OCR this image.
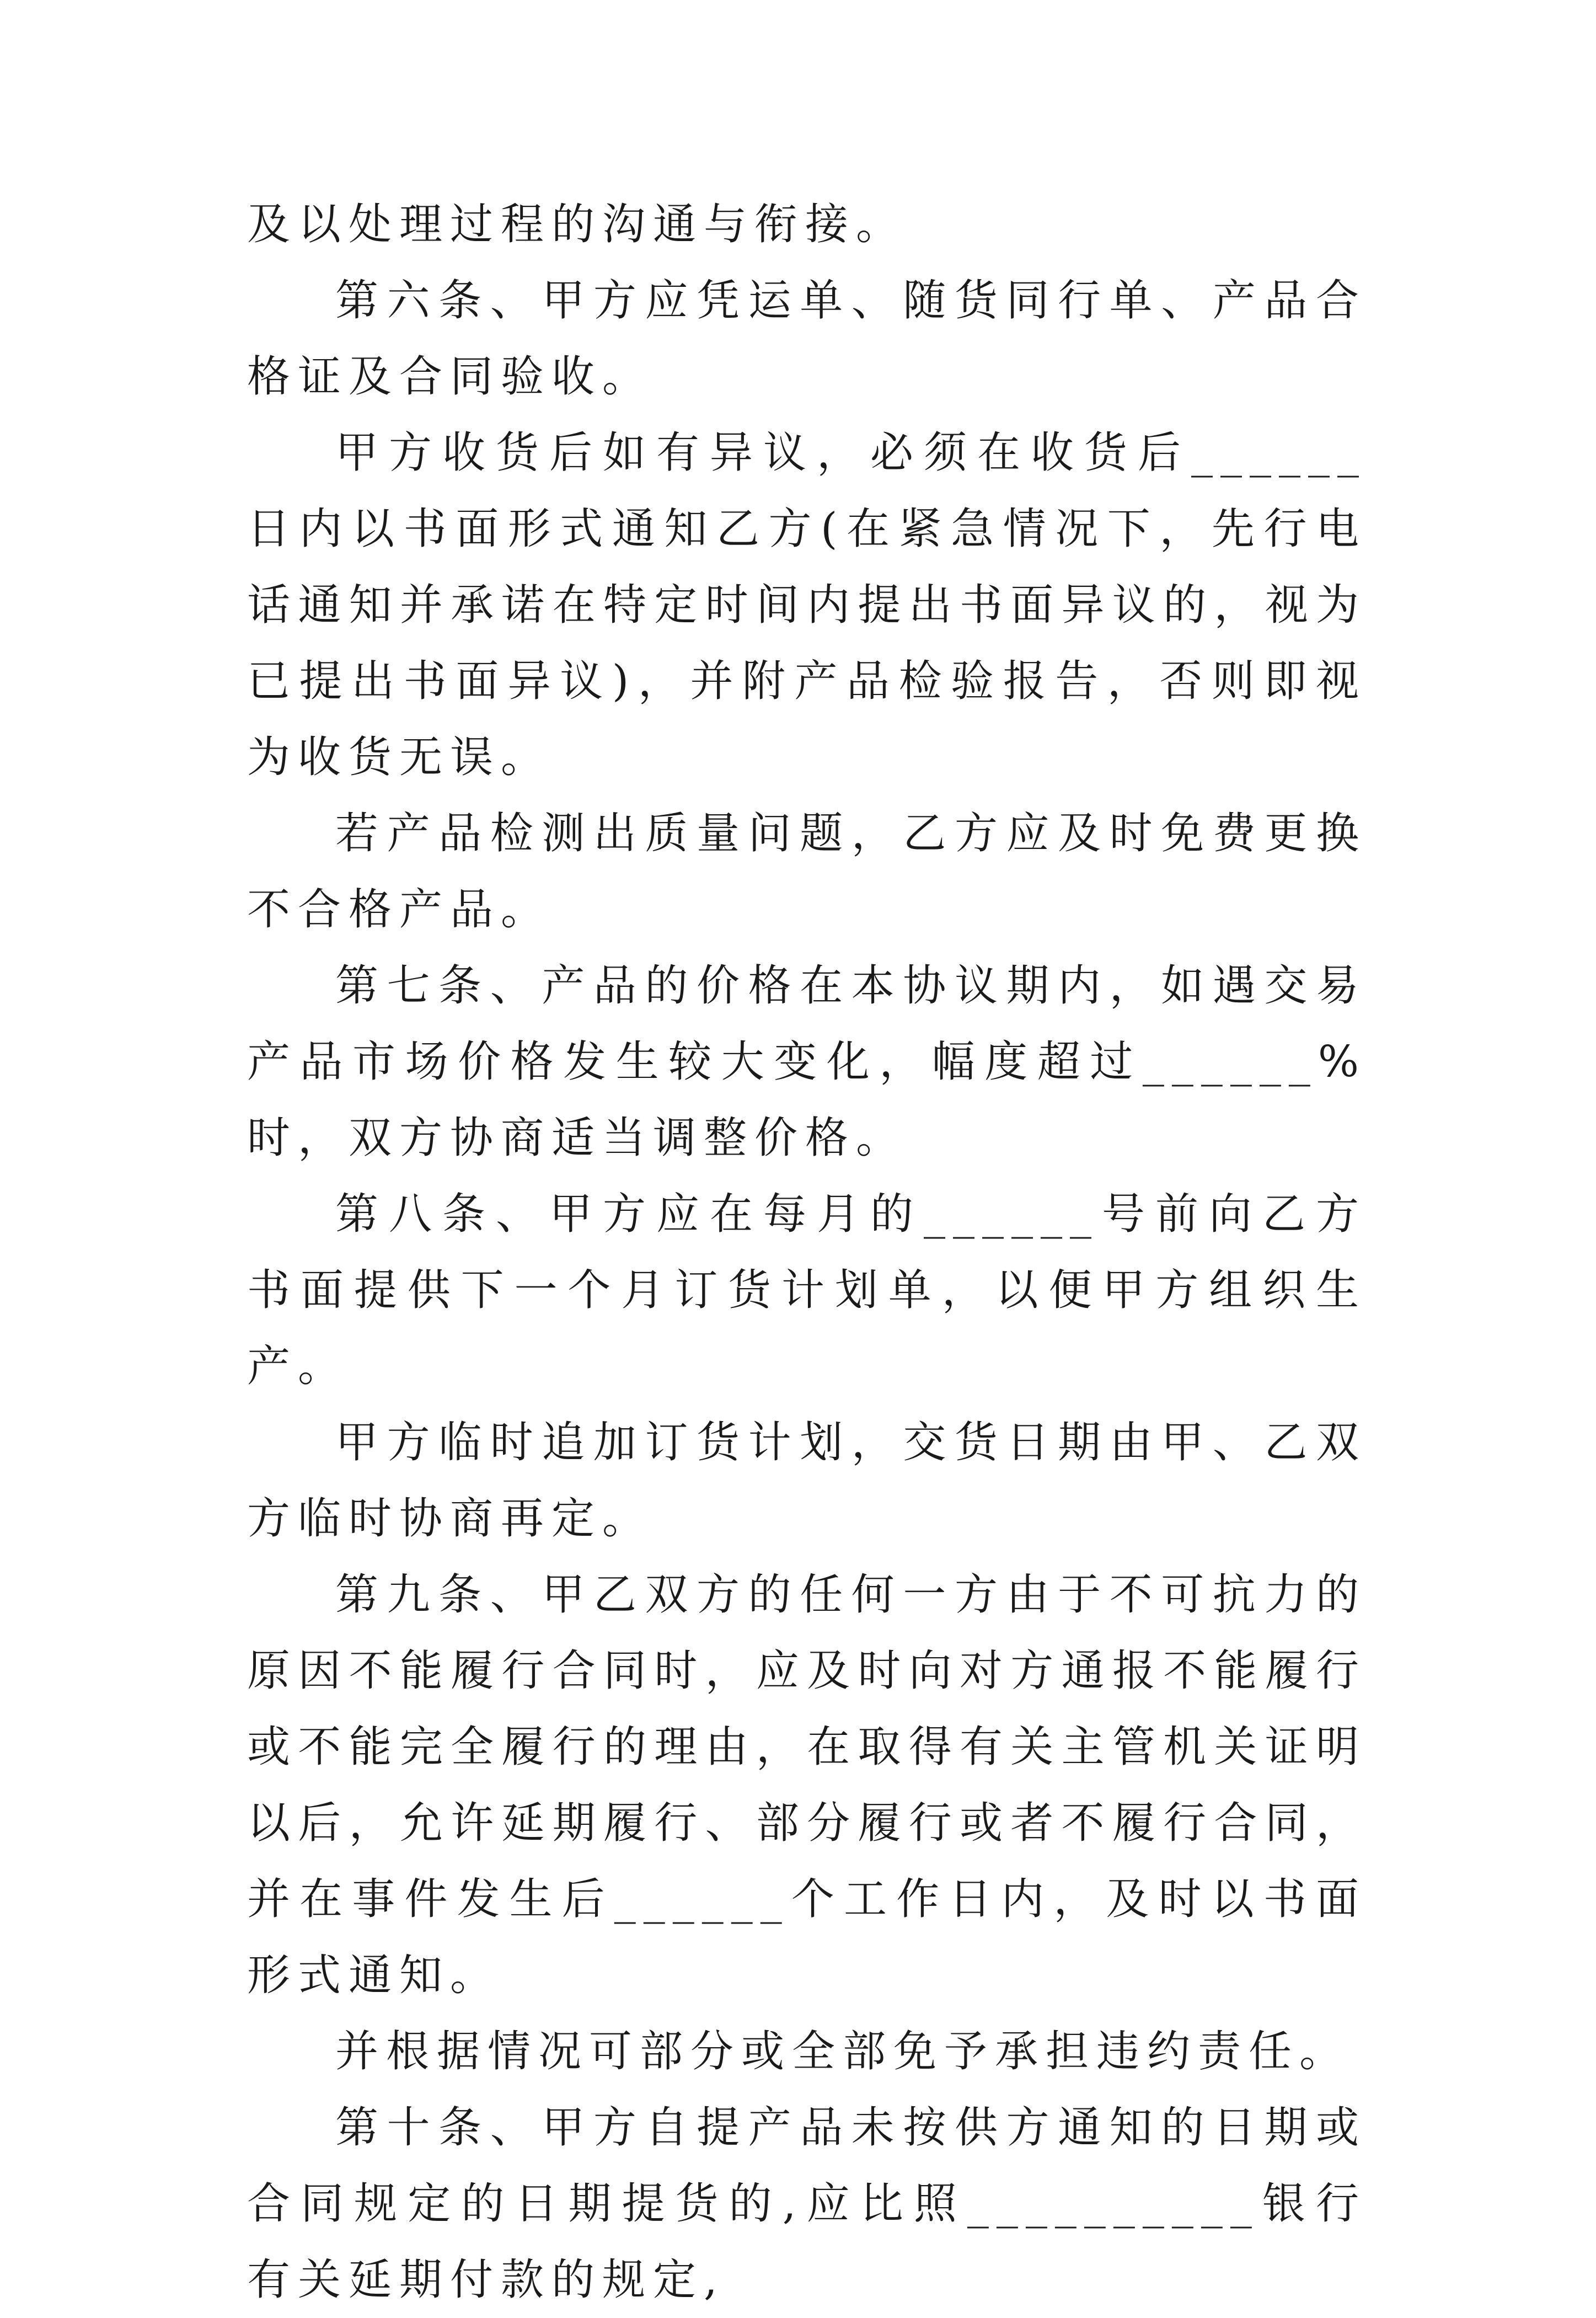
及以处理过程的沟通与衔接。

第六条、甲方应凭运单、随货同行单、产品合格证及合同验收。

甲方收货后如有异议，必须在收货后______日内以书面形式通知乙方(在紧急情况下，先行电话通知并承诺在特定时间内提出书面异议的，视为已提出书面异议)，并附产品检验报告，否则即视为收货无误。

若产品检测出质量问题，乙方应及时免费更换不合格产品。

第七条、产品的价格在本协议期内，如遇交易产品市场价格发生较大变化，幅度超过______%时，双方协商适当调整价格。

第八条、甲方应在每月的______号前向乙方书面提供下一个月订货计划单，以便甲方组织生产。

甲方临时追加订货计划，交货日期由甲、乙双方临时协商再定。

第九条、甲乙双方的任何一方由于不可抗力的原因不能履行合同时，应及时向对方通报不能履行或不能完全履行的理由，在取得有关主管机关证明以后，允许延期履行、部分履行或者不履行合同，并在事件发生后______个工作日内，及时以书面形式通知。

并根据情况可部分或全部免予承担违约责任。

第十条、甲方自提产品未按供方通知的日期或合同规定的日期提货的,应比照__________银行有关延期付款的规定,
